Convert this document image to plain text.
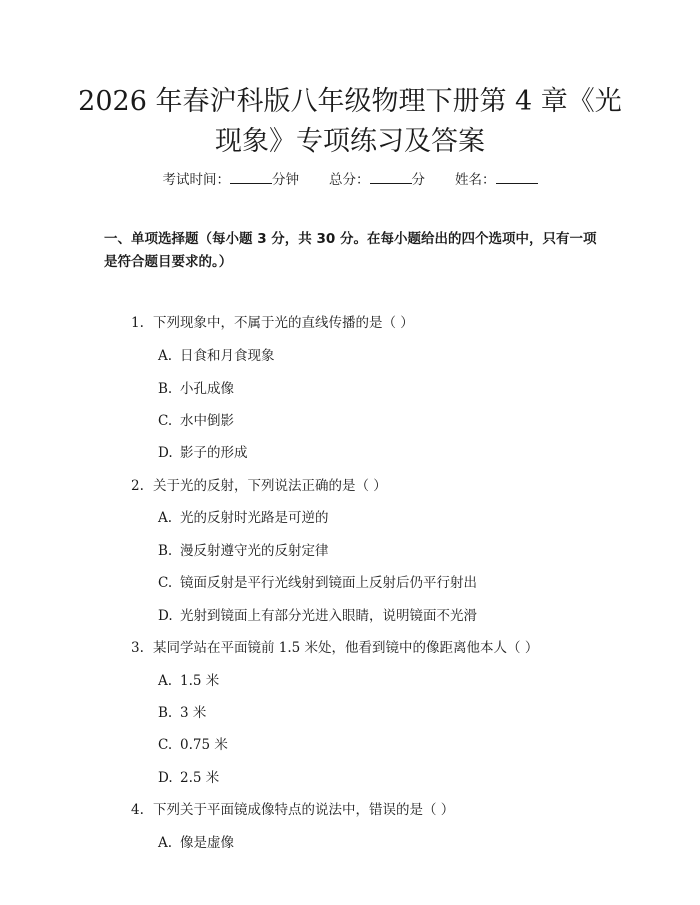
2026 年春沪科版八年级物理下册第 4 章《光
现象》专项练习及答案
考试时间：	分钟 总分：	分 姓名：

一、单项选择题（每小题 3 分，共 30 分。在每小题给出的四个选项中，只有一项是符合题目要求的。）

1. 下列现象中，不属于光的直线传播的是（ ）
A. 日食和月食现象
B. 小孔成像
C. 水中倒影
D. 影子的形成
2. 关于光的反射，下列说法正确的是（ ）
A. 光的反射时光路是可逆的
B. 漫反射遵守光的反射定律
C. 镜面反射是平行光线射到镜面上反射后仍平行射出
D. 光射到镜面上有部分光进入眼睛，说明镜面不光滑
3. 某同学站在平面镜前 1.5 米处，他看到镜中的像距离他本人（ ）
A. 1.5 米
B. 3 米
C. 0.75 米
D. 2.5 米
4. 下列关于平面镜成像特点的说法中，错误的是（ ）
A. 像是虚像
